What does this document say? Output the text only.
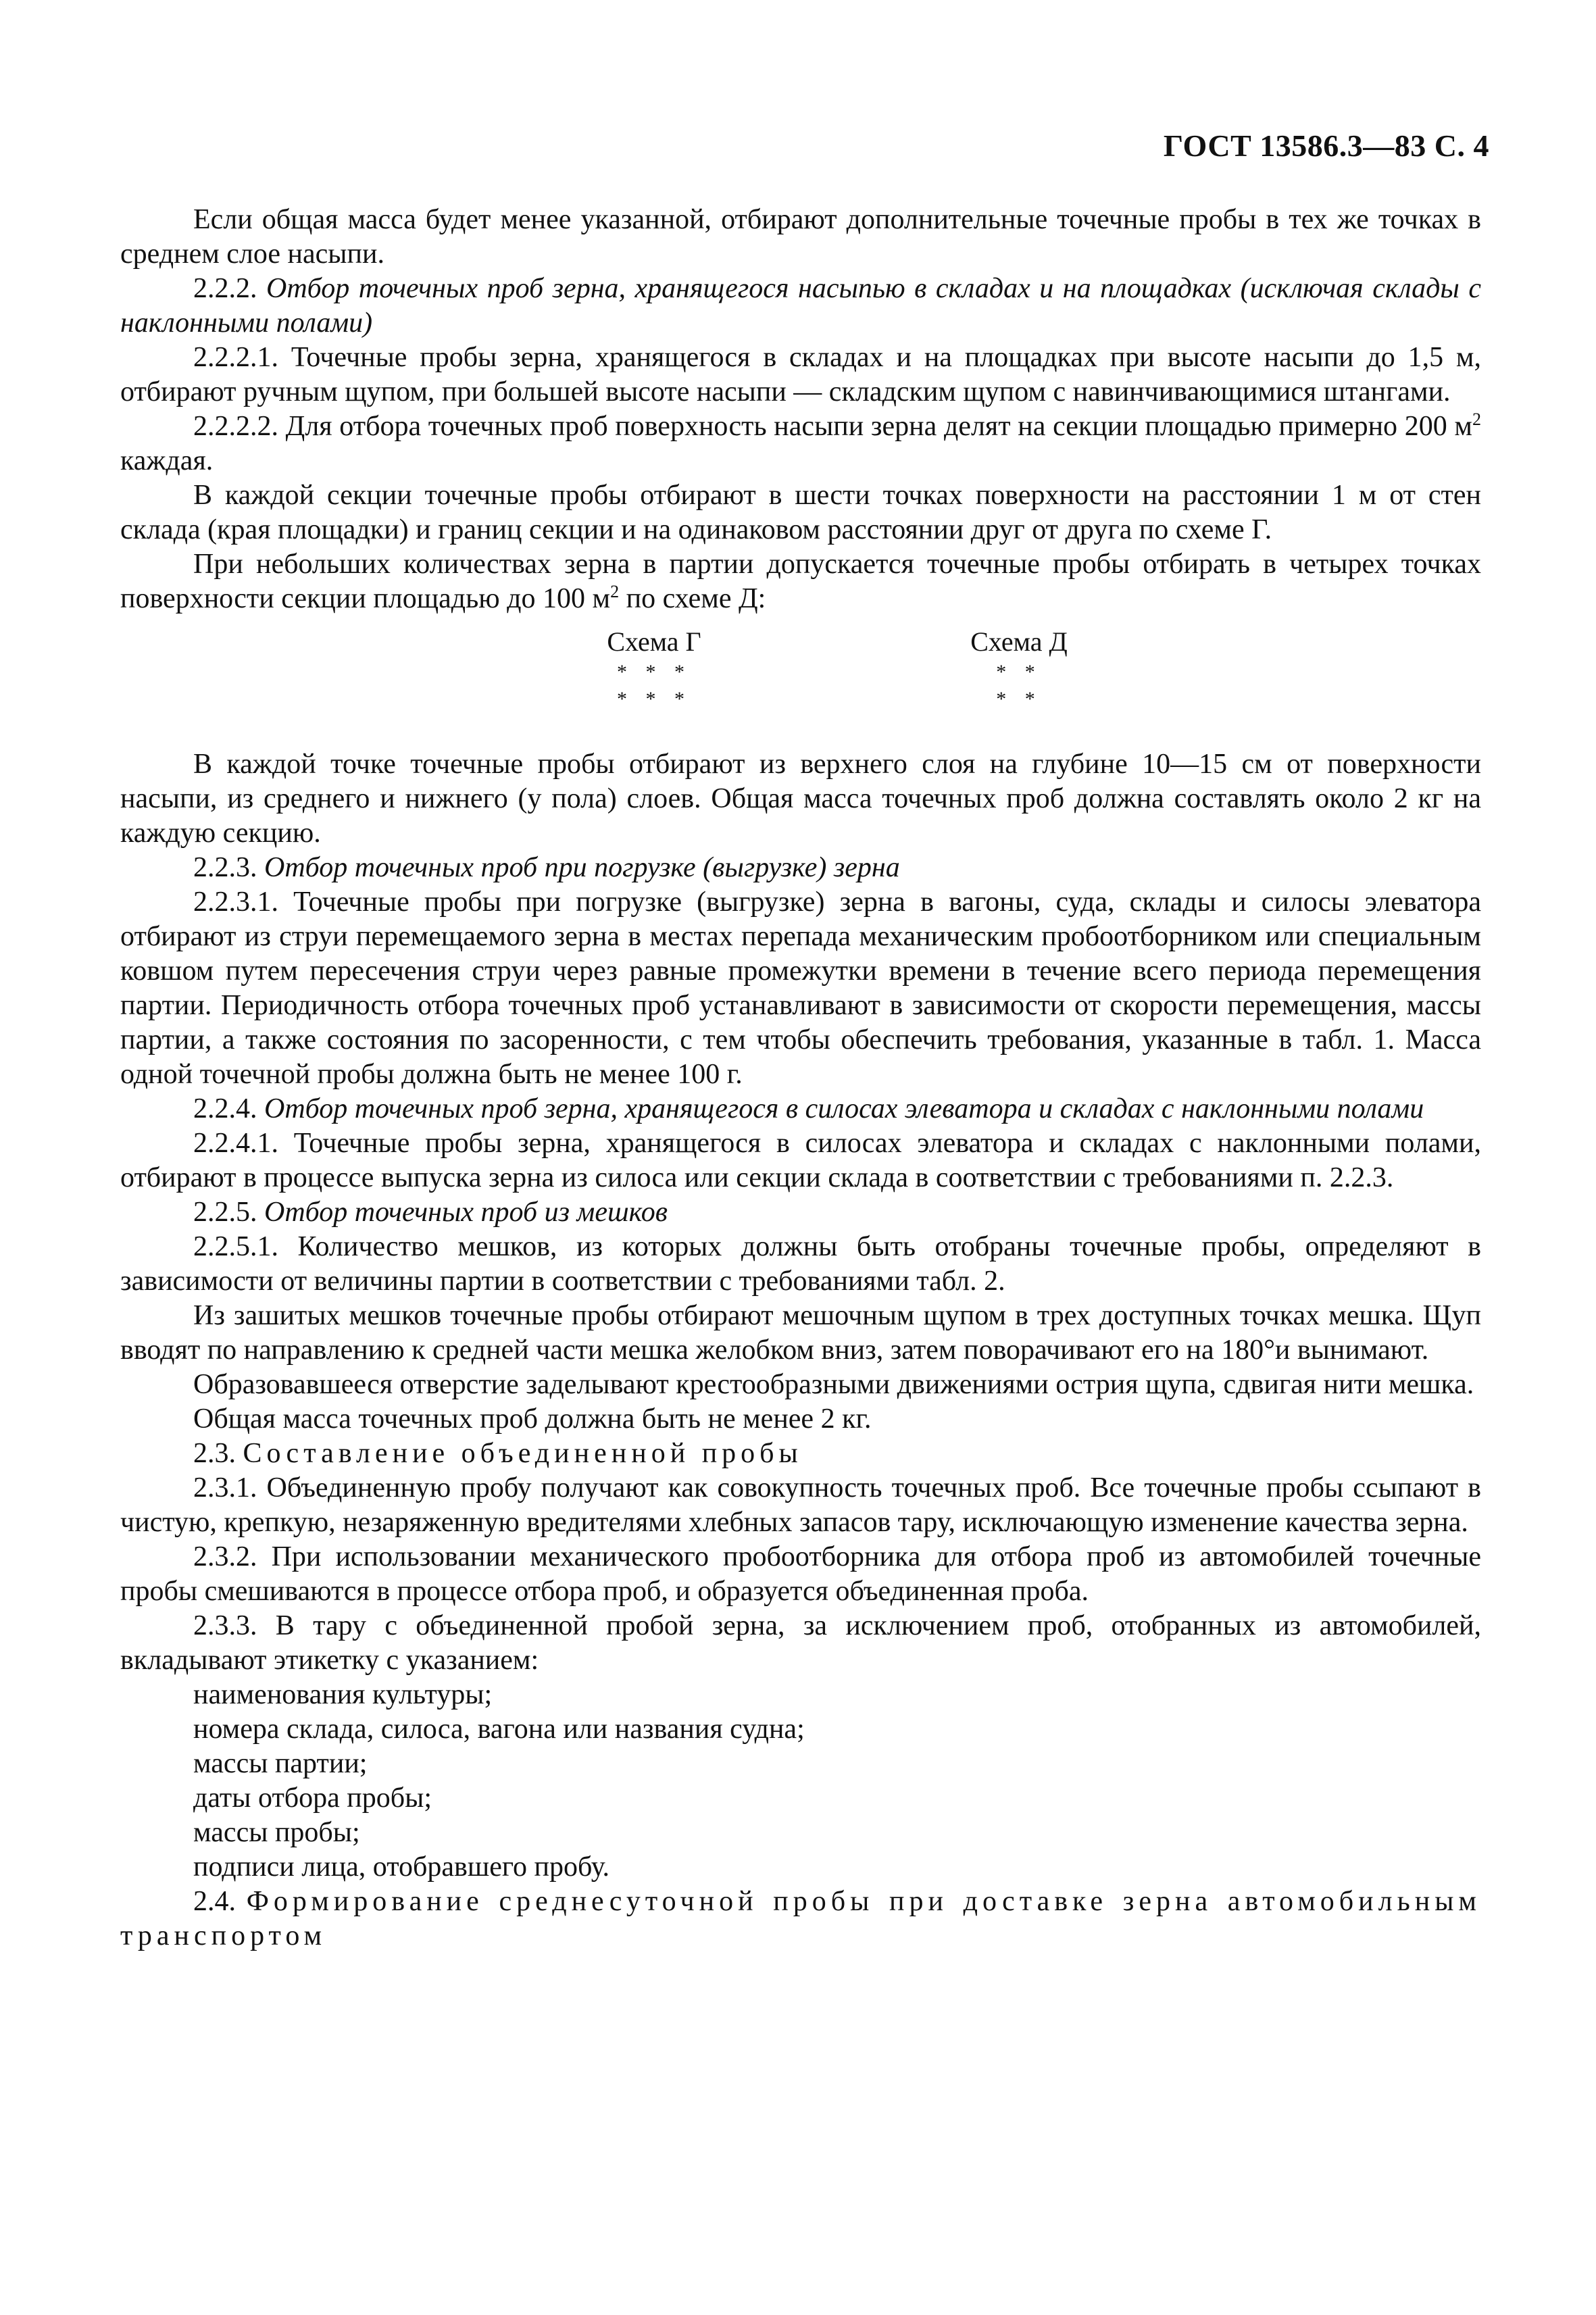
ГОСТ 13586.3—83 С. 4

Если общая масса будет менее указанной, отбирают дополнительные точечные пробы в тех же точках в среднем слое насыпи.

2.2.2. Отбор точечных проб зерна, хранящегося насыпью в складах и на площадках (исключая склады с наклонными полами)

2.2.2.1. Точечные пробы зерна, хранящегося в складах и на площадках при высоте насыпи до 1,5 м, отбирают ручным щупом, при большей высоте насыпи — складским щупом с навинчивающимися штангами.

2.2.2.2. Для отбора точечных проб поверхность насыпи зерна делят на секции площадью примерно 200 $м^2$ каждая.

В каждой секции точечные пробы отбирают в шести точках поверхности на расстоянии 1 м от стен склада (края площадки) и границ секции и на одинаковом расстоянии друг от друга по схеме Г.

При небольших количествах зерна в партии допускается точечные пробы отбирать в четырех точках поверхности секции площадью до 100 $м^2$ по схеме Д:

Схема Г
* * *
* * *
Схема Д
* *
* *

В каждой точке точечные пробы отбирают из верхнего слоя на глубине 10—15 см от поверхности насыпи, из среднего и нижнего (у пола) слоев. Общая масса точечных проб должна составлять около 2 кг на каждую секцию.

2.2.3. Отбор точечных проб при погрузке (выгрузке) зерна

2.2.3.1. Точечные пробы при погрузке (выгрузке) зерна в вагоны, суда, склады и силосы элеватора отбирают из струи перемещаемого зерна в местах перепада механическим пробоотборником или специальным ковшом путем пересечения струи через равные промежутки времени в течение всего периода перемещения партии. Периодичность отбора точечных проб устанавливают в зависимости от скорости перемещения, массы партии, а также состояния по засоренности, с тем чтобы обеспечить требования, указанные в табл. 1. Масса одной точечной пробы должна быть не менее 100 г.

2.2.4. Отбор точечных проб зерна, хранящегося в силосах элеватора и складах с наклонными полами

2.2.4.1. Точечные пробы зерна, хранящегося в силосах элеватора и складах с наклонными полами, отбирают в процессе выпуска зерна из силоса или секции склада в соответствии с требованиями п. 2.2.3.

2.2.5. Отбор точечных проб из мешков

2.2.5.1. Количество мешков, из которых должны быть отобраны точечные пробы, определяют в зависимости от величины партии в соответствии с требованиями табл. 2.

Из зашитых мешков точечные пробы отбирают мешочным щупом в трех доступных точках мешка. Щуп вводят по направлению к средней части мешка желобком вниз, затем поворачивают его на 180°и вынимают.

Образовавшееся отверстие заделывают крестообразными движениями острия щупа, сдвигая нити мешка.

Общая масса точечных проб должна быть не менее 2 кг.

2.3. Составление объединенной пробы

2.3.1. Объединенную пробу получают как совокупность точечных проб. Все точечные пробы ссыпают в чистую, крепкую, незаряженную вредителями хлебных запасов тару, исключающую изменение качества зерна.

2.3.2. При использовании механического пробоотборника для отбора проб из автомобилей точечные пробы смешиваются в процессе отбора проб, и образуется объединенная проба.

2.3.3. В тару с объединенной пробой зерна, за исключением проб, отобранных из автомобилей, вкладывают этикетку с указанием:

наименования культуры;

номера склада, силоса, вагона или названия судна;

массы партии;

даты отбора пробы;

массы пробы;

подписи лица, отобравшего пробу.

2.4. Формирование среднесуточной пробы при доставке зерна автомобильным транспортом
